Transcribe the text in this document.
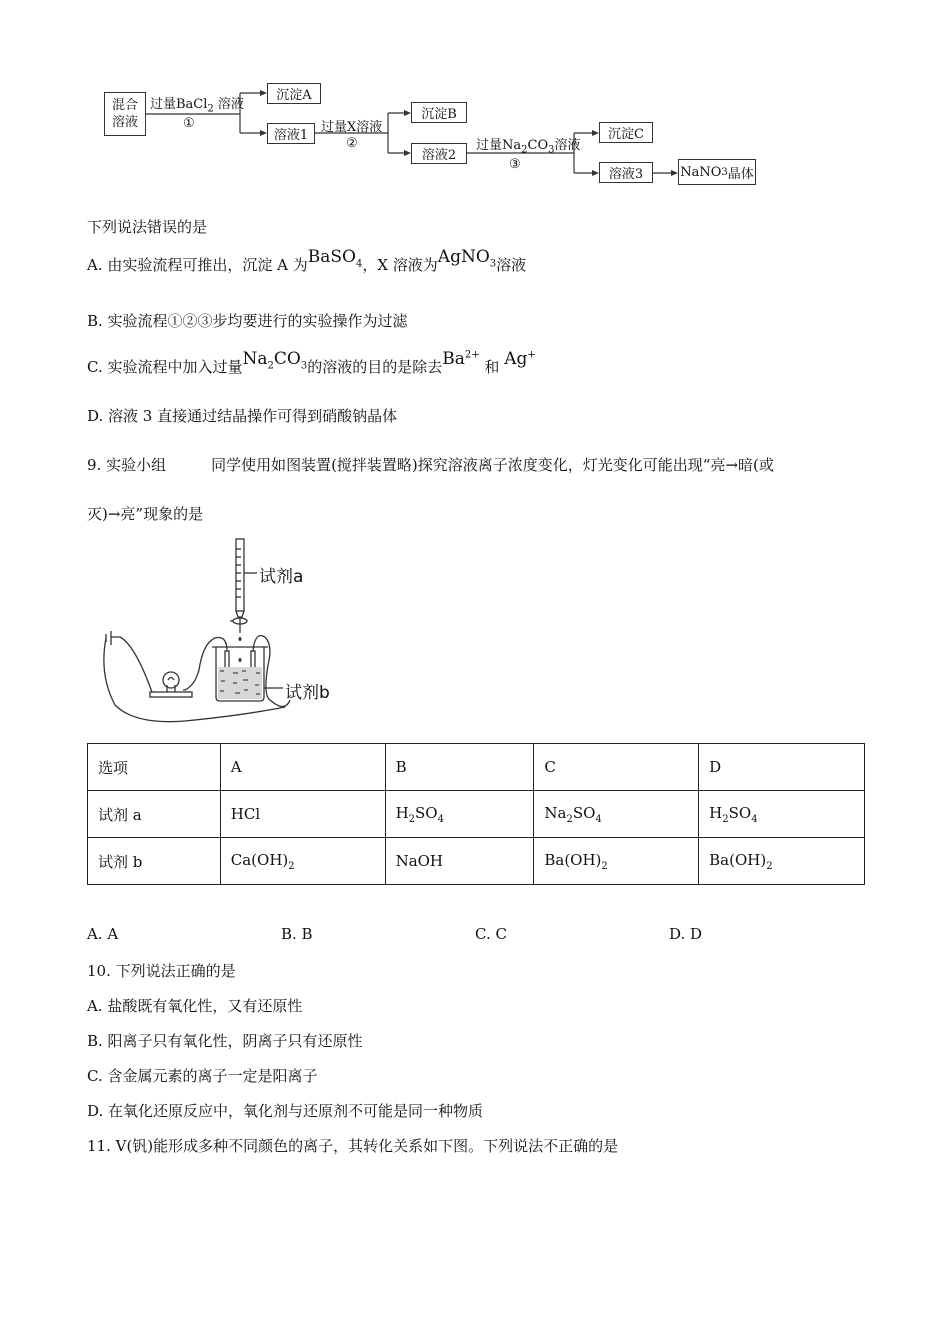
混合
溶液
过量BaCl$_2$ 溶液
①
沉淀A
溶液1
过量X溶液
②
沉淀B
溶液2
过量$Na_2CO_3$溶液
③
沉淀C
溶液3	NaNO 3 晶体
下列说法错误的是
A. 由实验流程可推出，沉淀 A 为BaSO$_4$，X 溶液为AgNO$_3$溶液
B. 实验流程①②③步均要进行的实验操作为过滤
C. 实验流程中加入过量$Na_2CO_3$的溶液的目的是除去$Ba^{2+}$ 和 Ag+
D. 溶液 3 直接通过结晶操作可得到硝酸钠晶体
9. 实验小组　　　同学使用如图装置(搅拌装置略)探究溶液离子浓度变化，灯光变化可能出现“亮→暗(或
灭)→亮”现象的是
试剂a
试剂b
选项	A	B	C	D
试剂 a	HCl	$H_2SO_4$	$Na_2SO_4$	$H_2SO_4$
试剂 b	$Ca(OH)_2$	NaOH	$Ba(OH)_2$	$Ba(OH)_2$
A. A	B. B	C. C	D. D
10. 下列说法正确的是
A. 盐酸既有氧化性，又有还原性
B. 阳离子只有氧化性，阴离子只有还原性
C. 含金属元素的离子一定是阳离子
D. 在氧化还原反应中，氧化剂与还原剂不可能是同一种物质
11. V(钒)能形成多种不同颜色的离子，其转化关系如下图。下列说法不正确的是
